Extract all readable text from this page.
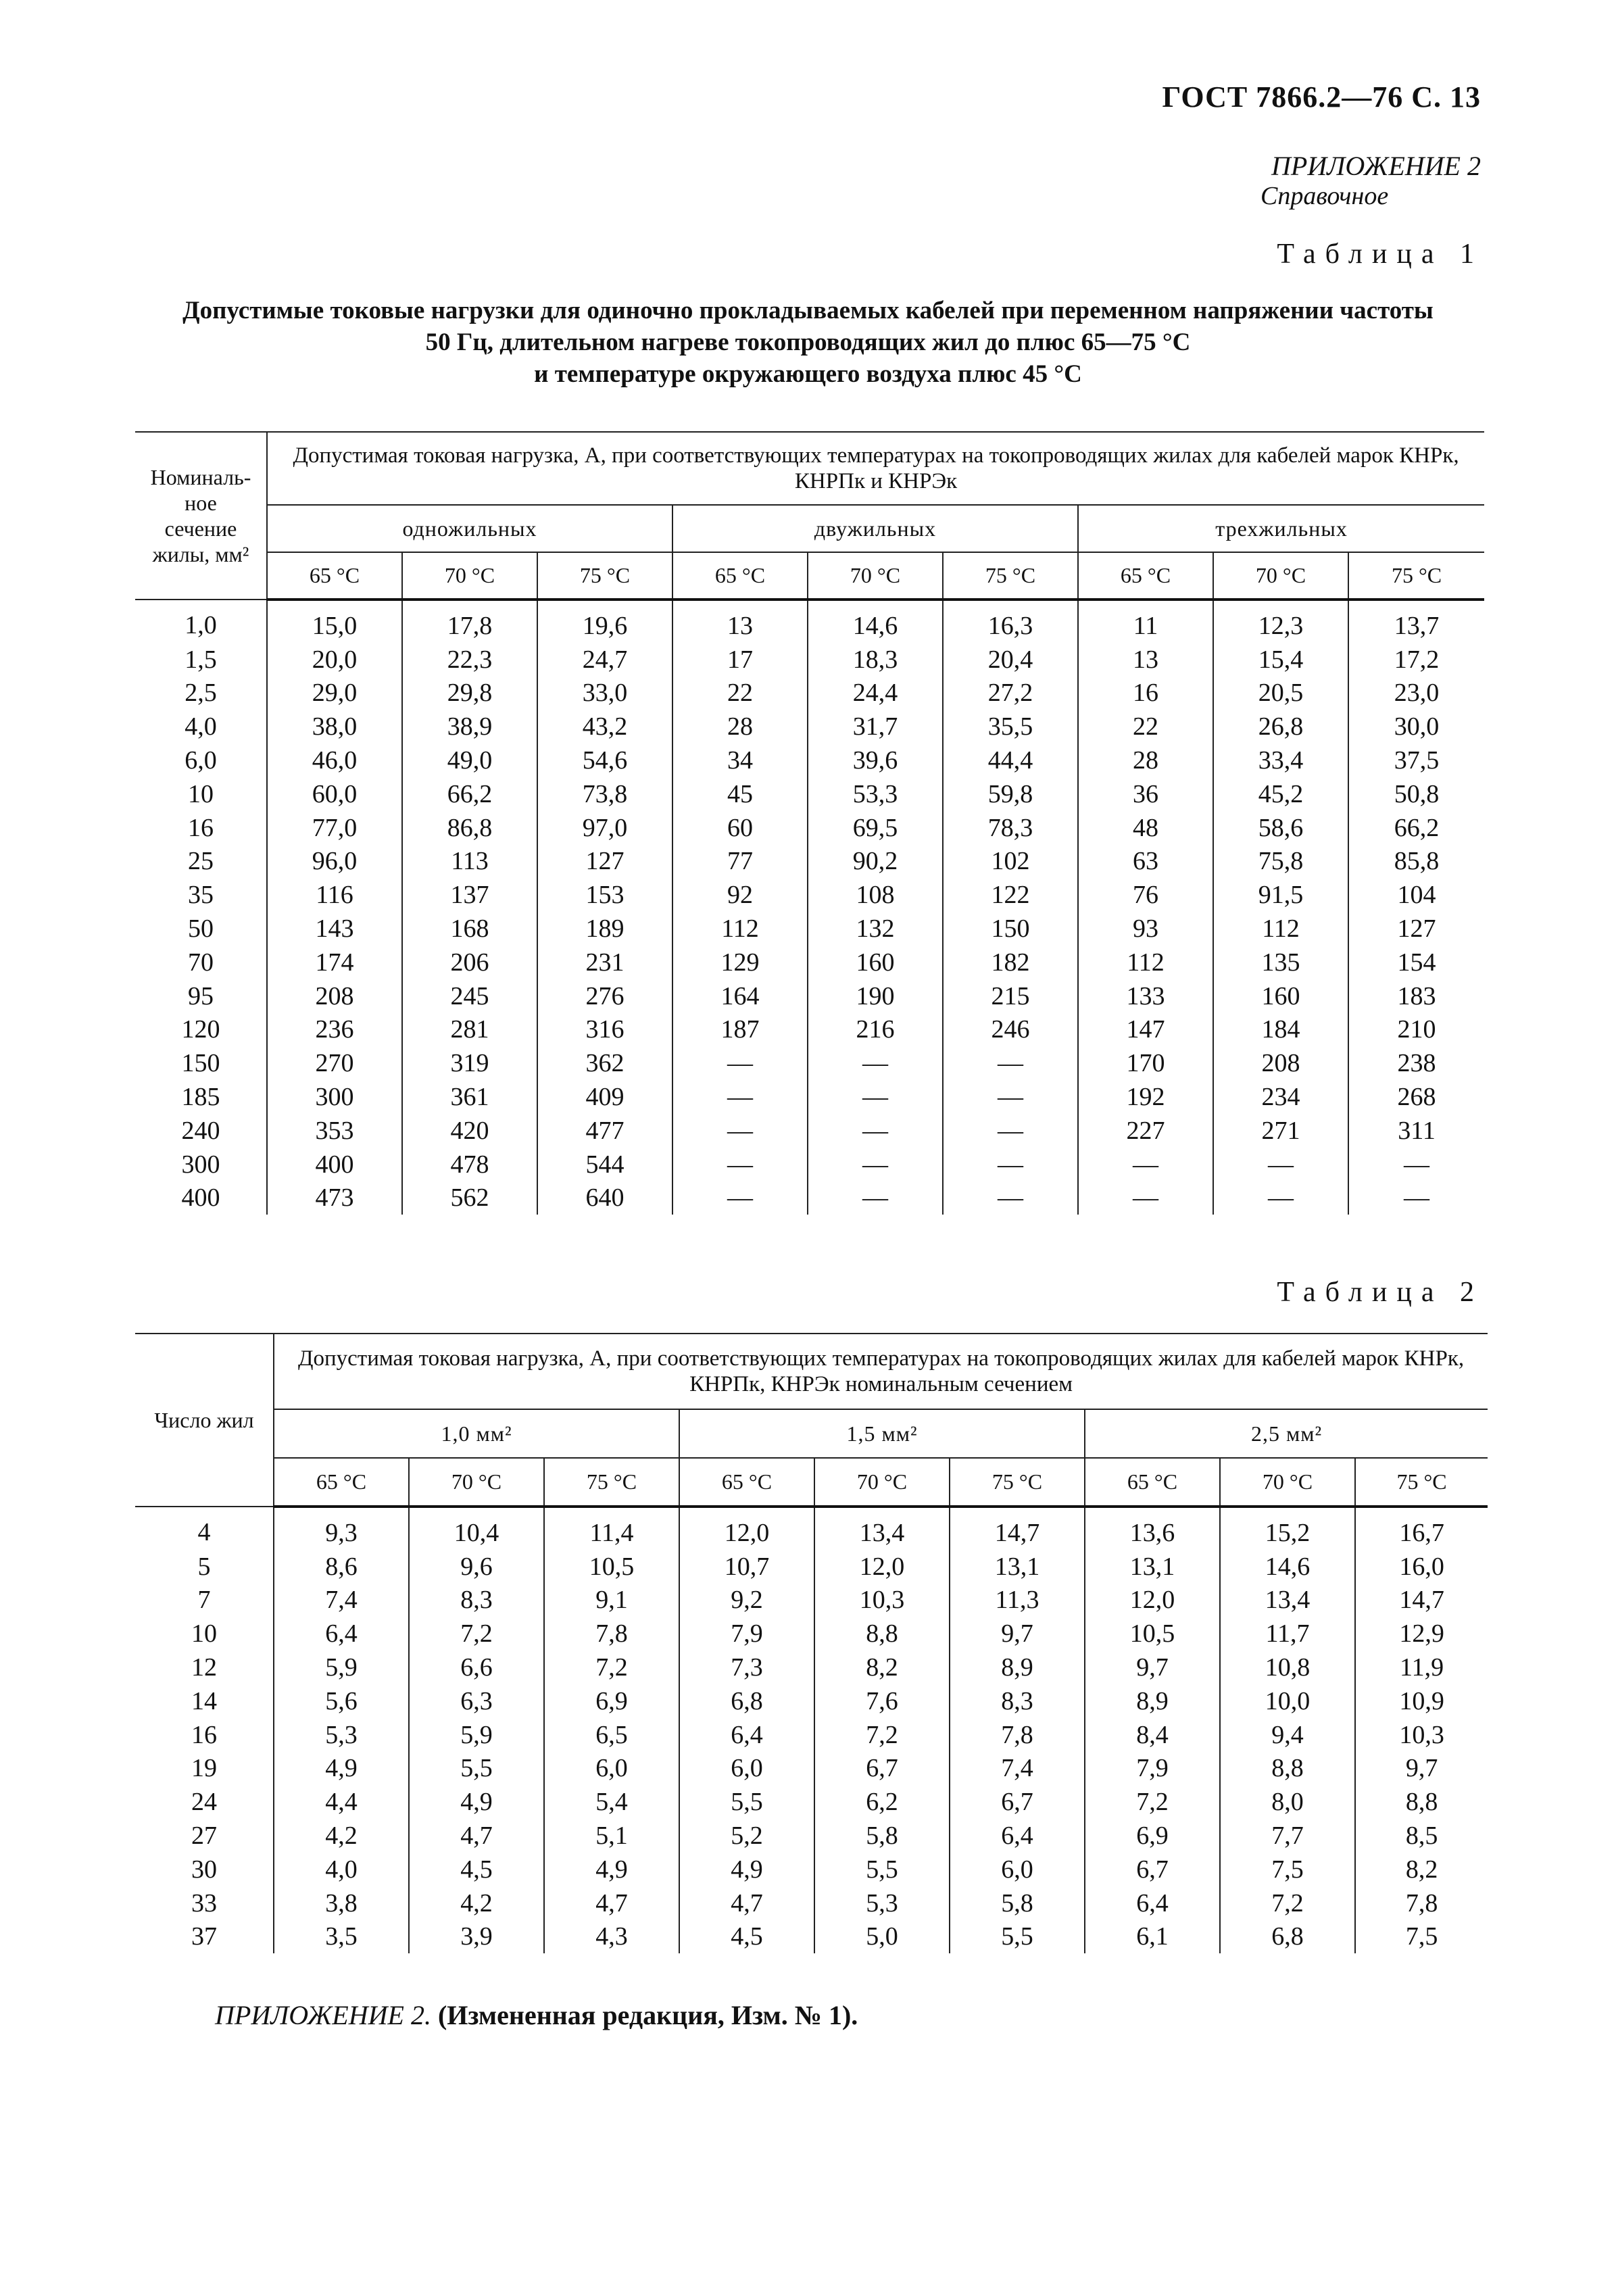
ГОСТ 7866.2—76 С. 13
ПРИЛОЖЕНИЕ 2
Справочное
Таблица 1
Допустимые токовые нагрузки для одиночно прокладываемых кабелей при переменном напряжении частоты
50 Гц, длительном нагреве токопроводящих жил до плюс 65—75 °С
и температуре окружающего воздуха плюс 45 °С
Номиналь-
ное
сечение
жилы, мм²	Допустимая токовая нагрузка, А, при соответствующих температурах на токопроводящих жилах для кабелей марок КНРк, КНРПк и КНРЭк								
	одножильных			двужильных			трехжильных		
	65 °С	70 °С	75 °С	65 °С	70 °С	75 °С	65 °С	70 °С	75 °С
1,0	15,0	17,8	19,6	13	14,6	16,3	11	12,3	13,7
1,5	20,0	22,3	24,7	17	18,3	20,4	13	15,4	17,2
2,5	29,0	29,8	33,0	22	24,4	27,2	16	20,5	23,0
4,0	38,0	38,9	43,2	28	31,7	35,5	22	26,8	30,0
6,0	46,0	49,0	54,6	34	39,6	44,4	28	33,4	37,5
10	60,0	66,2	73,8	45	53,3	59,8	36	45,2	50,8
16	77,0	86,8	97,0	60	69,5	78,3	48	58,6	66,2
25	96,0	113	127	77	90,2	102	63	75,8	85,8
35	116	137	153	92	108	122	76	91,5	104
50	143	168	189	112	132	150	93	112	127
70	174	206	231	129	160	182	112	135	154
95	208	245	276	164	190	215	133	160	183
120	236	281	316	187	216	246	147	184	210
150	270	319	362	—	—	—	170	208	238
185	300	361	409	—	—	—	192	234	268
240	353	420	477	—	—	—	227	271	311
300	400	478	544	—	—	—	—	—	—
400	473	562	640	—	—	—	—	—	—
Таблица 2
Число жил	Допустимая токовая нагрузка, А, при соответствующих температурах на токопроводящих жилах для кабелей марок КНРк, КНРПк, КНРЭк номинальным сечением								
	1,0 мм²			1,5 мм²			2,5 мм²		
	65 °С	70 °С	75 °С	65 °С	70 °С	75 °С	65 °С	70 °С	75 °С
4	9,3	10,4	11,4	12,0	13,4	14,7	13,6	15,2	16,7
5	8,6	9,6	10,5	10,7	12,0	13,1	13,1	14,6	16,0
7	7,4	8,3	9,1	9,2	10,3	11,3	12,0	13,4	14,7
10	6,4	7,2	7,8	7,9	8,8	9,7	10,5	11,7	12,9
12	5,9	6,6	7,2	7,3	8,2	8,9	9,7	10,8	11,9
14	5,6	6,3	6,9	6,8	7,6	8,3	8,9	10,0	10,9
16	5,3	5,9	6,5	6,4	7,2	7,8	8,4	9,4	10,3
19	4,9	5,5	6,0	6,0	6,7	7,4	7,9	8,8	9,7
24	4,4	4,9	5,4	5,5	6,2	6,7	7,2	8,0	8,8
27	4,2	4,7	5,1	5,2	5,8	6,4	6,9	7,7	8,5
30	4,0	4,5	4,9	4,9	5,5	6,0	6,7	7,5	8,2
33	3,8	4,2	4,7	4,7	5,3	5,8	6,4	7,2	7,8
37	3,5	3,9	4,3	4,5	5,0	5,5	6,1	6,8	7,5
ПРИЛОЖЕНИЕ 2. (Измененная редакция, Изм. № 1).
